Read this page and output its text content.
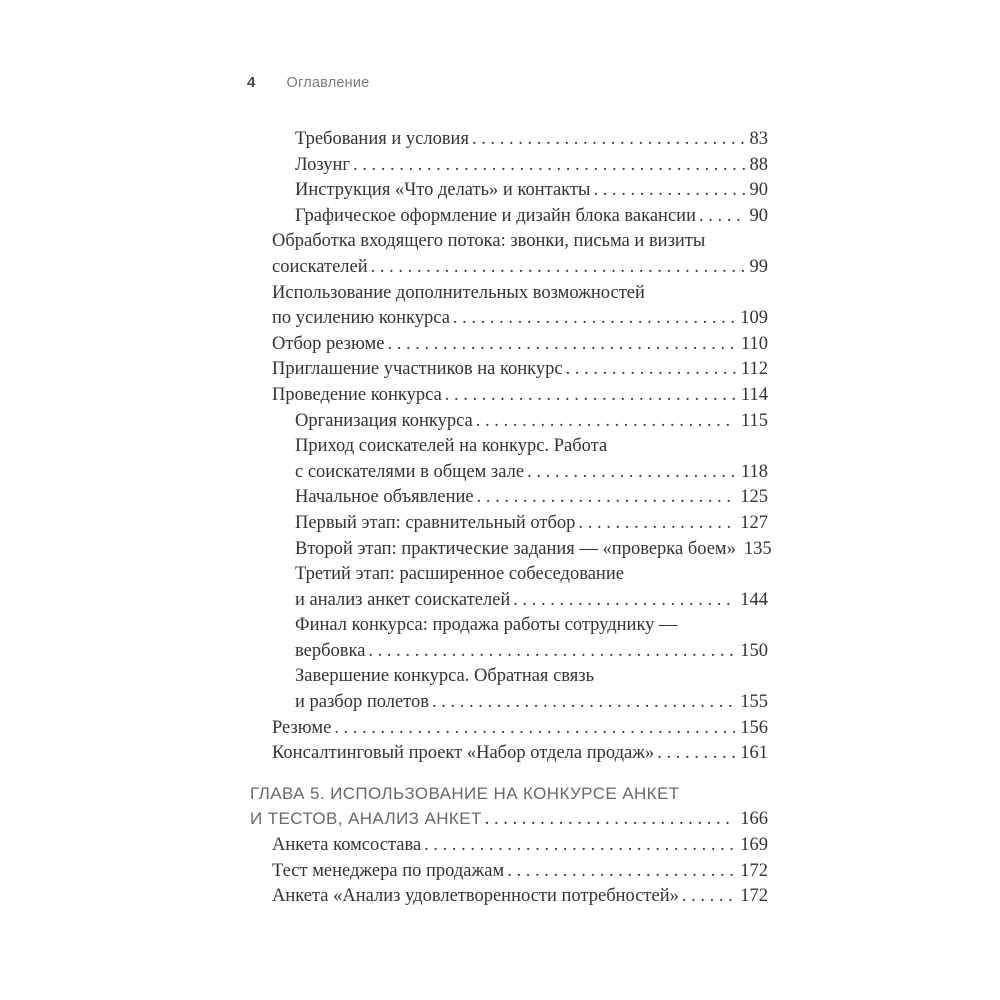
4 Оглавление
Требования и условия . . .	83
Лозунг . . .	88
Инструкция «Что делать» и контакты . . .	90
Графическое оформление и дизайн блока вакансии . . .	90
Обработка входящего потока: звонки, письма и визиты
соискателей . . .	99
Использование дополнительных возможностей
по усилению конкурса . . .	109
Отбор резюме . . .	110
Приглашение участников на конкурс . . .	112
Проведение конкурса . . .	114
Организация конкурса . . .	115
Приход соискателей на конкурс. Работа
с соискателями в общем зале . . .	118
Начальное объявление . . .	125
Первый этап: сравнительный отбор . . .	127
Второй этап: практические задания — «проверка боем» 135
Третий этап: расширенное собеседование
и анализ анкет соискателей . . .	144
Финал конкурса: продажа работы сотруднику —
вербовка . . .	150
Завершение конкурса. Обратная связь
и разбор полетов . . .	155
Резюме . . .	156
Консалтинговый проект «Набор отдела продаж» . . .	161
ГЛАВА 5. ИСПОЛЬЗОВАНИЕ НА КОНКУРСЕ АНКЕТ
И ТЕСТОВ, АНАЛИЗ АНКЕТ . . .	166
Анкета комсостава . . .	169
Тест менеджера по продажам . . .	172
Анкета «Анализ удовлетворенности потребностей» . . .	172
